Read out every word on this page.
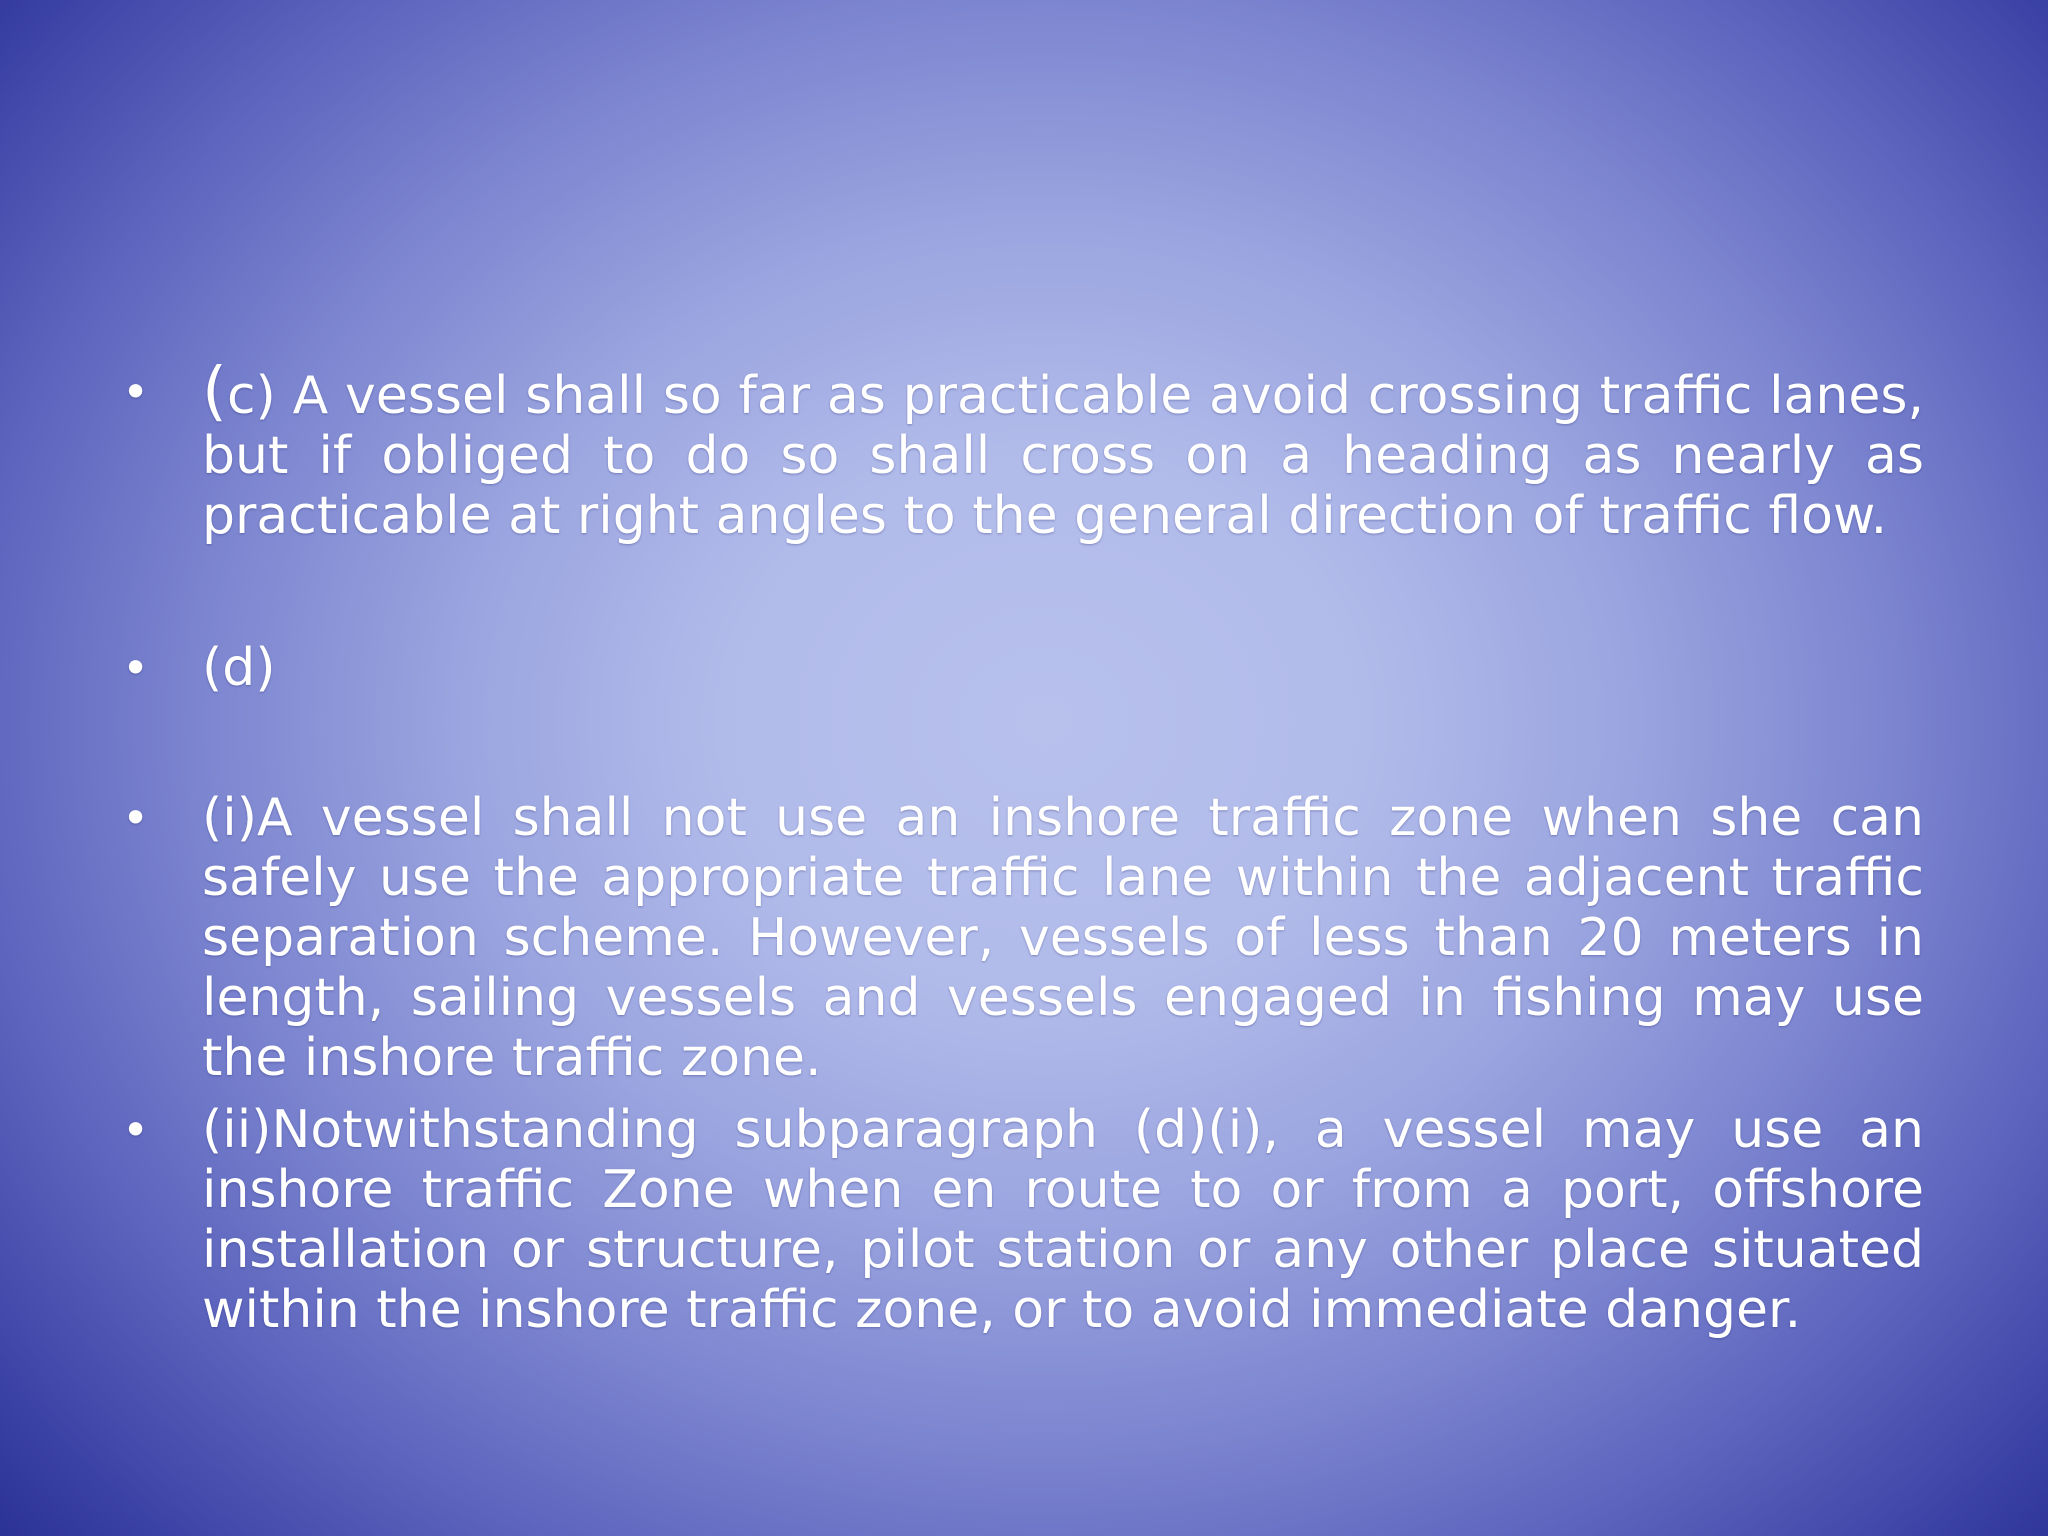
• (c) A vessel shall so far as practicable avoid crossing traffic lanes, but if obliged to do so shall cross on a heading as nearly as practicable at right angles to the general direction of traffic flow.
• (d)
• (i)A vessel shall not use an inshore traffic zone when she can safely use the appropriate traffic lane within the adjacent traffic separation scheme. However, vessels of less than 20 meters in length, sailing vessels and vessels engaged in fishing may use the inshore traffic zone.
• (ii)Notwithstanding subparagraph (d)(i), a vessel may use an inshore traffic Zone when en route to or from a port, offshore installation or structure, pilot station or any other place situated within the inshore traffic zone, or to avoid immediate danger.
